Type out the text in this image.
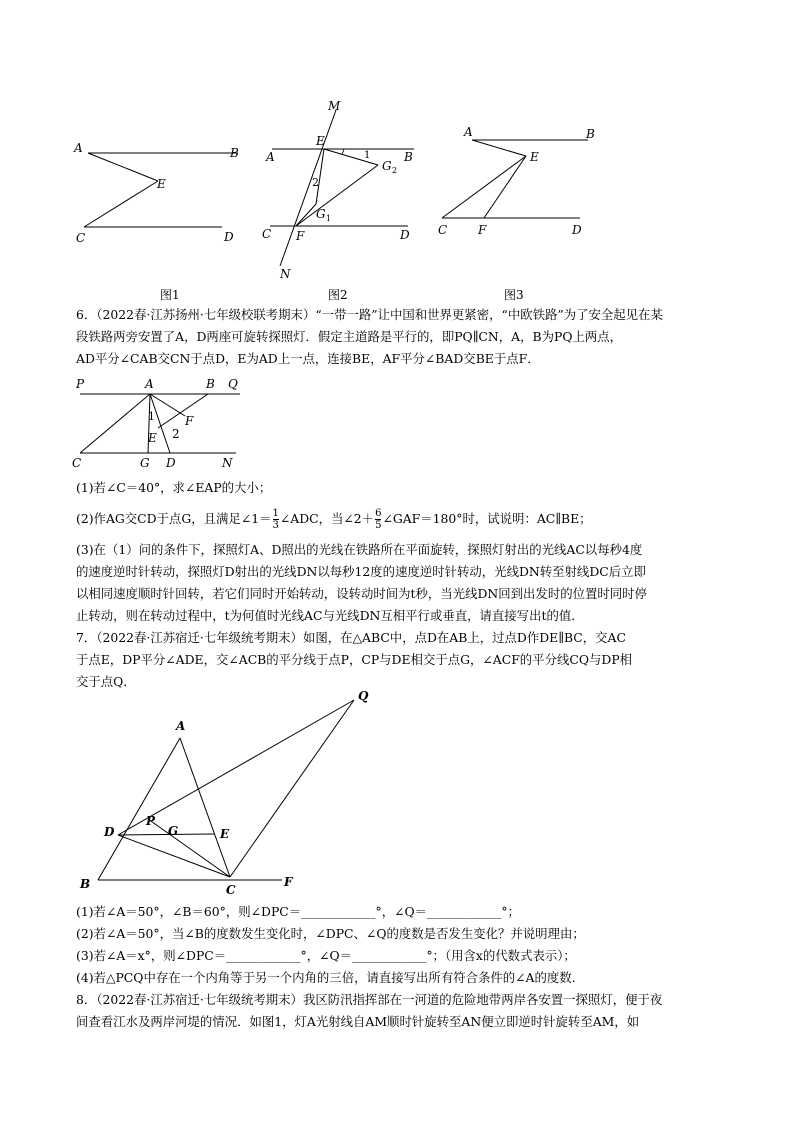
A	B
E
C	D
图1
M
E
A	B
1
G 2
2
G 1
C F	D
N
图2
A	B
E
C	F	D
图3
6．（2022春·江苏扬州·七年级校联考期末）“一带一路”让中国和世界更紧密，“中欧铁路”为了安全起见在某
段铁路两旁安置了A，D两座可旋转探照灯．假定主道路是平行的，即PQ∥CN，A，B为PQ上两点，
AD平分∠CAB交CN于点D，E为AD上一点，连接BE，AF平分∠BAD交BE于点F．
P	A	B Q
1
2
E
F
C	G D	N
(1)若∠C＝40°，求∠EAP的大小；
(2)作AG交CD于点G，且满足∠1＝ $\frac{1}{3}$ ∠ADC，当∠2＋ $\frac{6}{5}$ ∠GAF＝180°时，试说明：AC∥BE；
(3)在（1）问的条件下，探照灯A、D照出的光线在铁路所在平面旋转，探照灯射出的光线AC以每秒4度
的速度逆时针转动，探照灯D射出的光线DN以每秒12度的速度逆时针转动，光线DN转至射线DC后立即
以相同速度顺时针回转，若它们同时开始转动，设转动时间为t秒，当光线DN回到出发时的位置时同时停
止转动，则在转动过程中，t为何值时光线AC与光线DN互相平行或垂直，请直接写出t的值．
7．（2022春·江苏宿迁·七年级统考期末）如图，在△ABC中，点D在AB上，过点D作DE∥BC，交AC
于点E，DP平分∠ADE，交∠ACB的平分线于点P，CP与DE相交于点G，∠ACF的平分线CQ与DP相
交于点Q．
Q
A
P
D	G	E
B	C
F
(1)若∠A＝50°，∠B＝60°，则∠DPC＝____________°，∠Q＝____________°；
(2)若∠A＝50°，当∠B的度数发生变化时，∠DPC、∠Q的度数是否发生变化？并说明理由；
(3)若∠A＝x°，则∠DPC＝____________°，∠Q＝____________°；（用含x的代数式表示）；
(4)若△PCQ中存在一个内角等于另一个内角的三倍，请直接写出所有符合条件的∠A的度数．
8．（2022春·江苏宿迁·七年级统考期末）我区防汛指挥部在一河道的危险地带两岸各安置一探照灯，便于夜
间查看江水及两岸河堤的情况．如图1，灯A光射线自AM顺时针旋转至AN便立即逆时针旋转至AM，如
